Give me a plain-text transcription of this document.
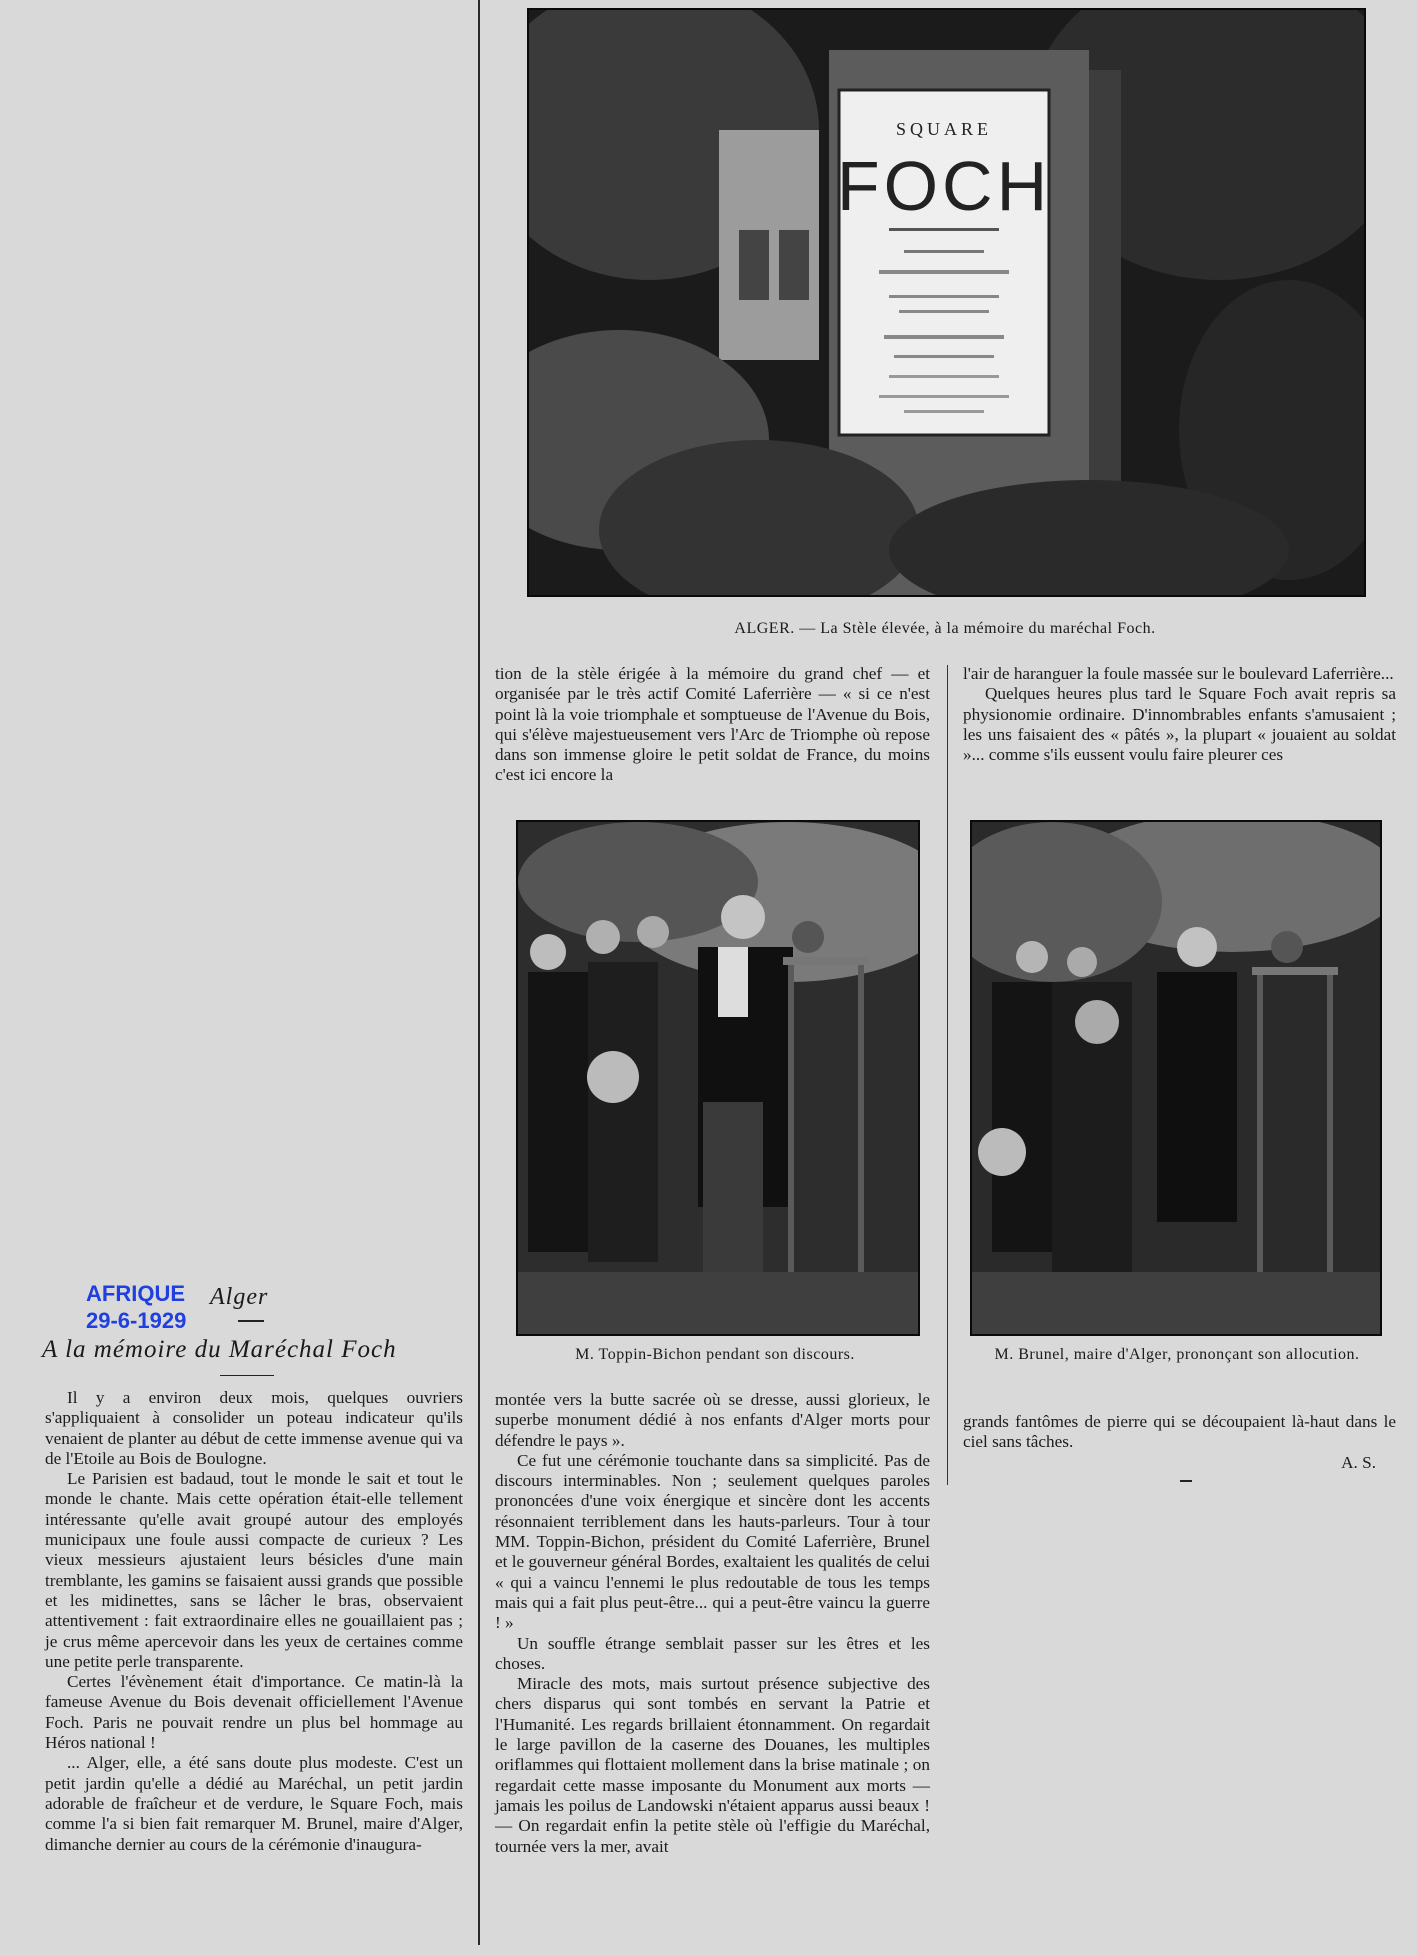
SQUARE
FOCH
ALGER. — La Stèle élevée, à la mémoire du maréchal Foch.
M. Toppin-Bichon pendant son discours.	M. Brunel, maire d'Alger, prononçant son allocution.
AFRIQUE
29-6-1929
Alger
A la mémoire du Maréchal Foch

Il y a environ deux mois, quelques ouvriers s'appliquaient à consolider un poteau indicateur qu'ils venaient de planter au début de cette immense avenue qui va de l'Etoile au Bois de Boulogne.

Le Parisien est badaud, tout le monde le sait et tout le monde le chante. Mais cette opération était-elle tellement intéressante qu'elle avait groupé autour des employés municipaux une foule aussi compacte de curieux ? Les vieux messieurs ajustaient leurs bésicles d'une main tremblante, les gamins se faisaient aussi grands que possible et les midinettes, sans se lâcher le bras, observaient attentivement : fait extraordinaire elles ne gouaillaient pas ; je crus même apercevoir dans les yeux de certaines comme une petite perle transparente.

Certes l'évènement était d'importance. Ce matin-là la fameuse Avenue du Bois devenait officiellement l'Avenue Foch. Paris ne pouvait rendre un plus bel hommage au Héros national !

... Alger, elle, a été sans doute plus modeste. C'est un petit jardin qu'elle a dédié au Maréchal, un petit jardin adorable de fraîcheur et de verdure, le Square Foch, mais comme l'a si bien fait remarquer M. Brunel, maire d'Alger, dimanche dernier au cours de la cérémonie d'inaugura-

tion de la stèle érigée à la mémoire du grand chef — et organisée par le très actif Comité Laferrière — « si ce n'est point là la voie triomphale et somptueuse de l'Avenue du Bois, qui s'élève majestueusement vers l'Arc de Triomphe où repose dans son immense gloire le petit soldat de France, du moins c'est ici encore la

l'air de haranguer la foule massée sur le boulevard Laferrière...

Quelques heures plus tard le Square Foch avait repris sa physionomie ordinaire. D'innombrables enfants s'amusaient ; les uns faisaient des « pâtés », la plupart « jouaient au soldat »... comme s'ils eussent voulu faire pleurer ces

montée vers la butte sacrée où se dresse, aussi glorieux, le superbe monument dédié à nos enfants d'Alger morts pour défendre le pays ».

Ce fut une cérémonie touchante dans sa simplicité. Pas de discours interminables. Non ; seulement quelques paroles prononcées d'une voix énergique et sincère dont les accents résonnaient terriblement dans les hauts-parleurs. Tour à tour MM. Toppin-Bichon, président du Comité Laferrière, Brunel et le gouverneur général Bordes, exaltaient les qualités de celui « qui a vaincu l'ennemi le plus redoutable de tous les temps mais qui a fait plus peut-être... qui a peut-être vaincu la guerre ! »

Un souffle étrange semblait passer sur les êtres et les choses.

Miracle des mots, mais surtout présence subjective des chers disparus qui sont tombés en servant la Patrie et l'Humanité. Les regards brillaient étonnamment. On regardait le large pavillon de la caserne des Douanes, les multiples oriflammes qui flottaient mollement dans la brise matinale ; on regardait cette masse imposante du Monument aux morts — jamais les poilus de Landowski n'étaient apparus aussi beaux ! — On regardait enfin la petite stèle où l'effigie du Maréchal, tournée vers la mer, avait

grands fantômes de pierre qui se découpaient là-haut dans le ciel sans tâches.

A. S.
